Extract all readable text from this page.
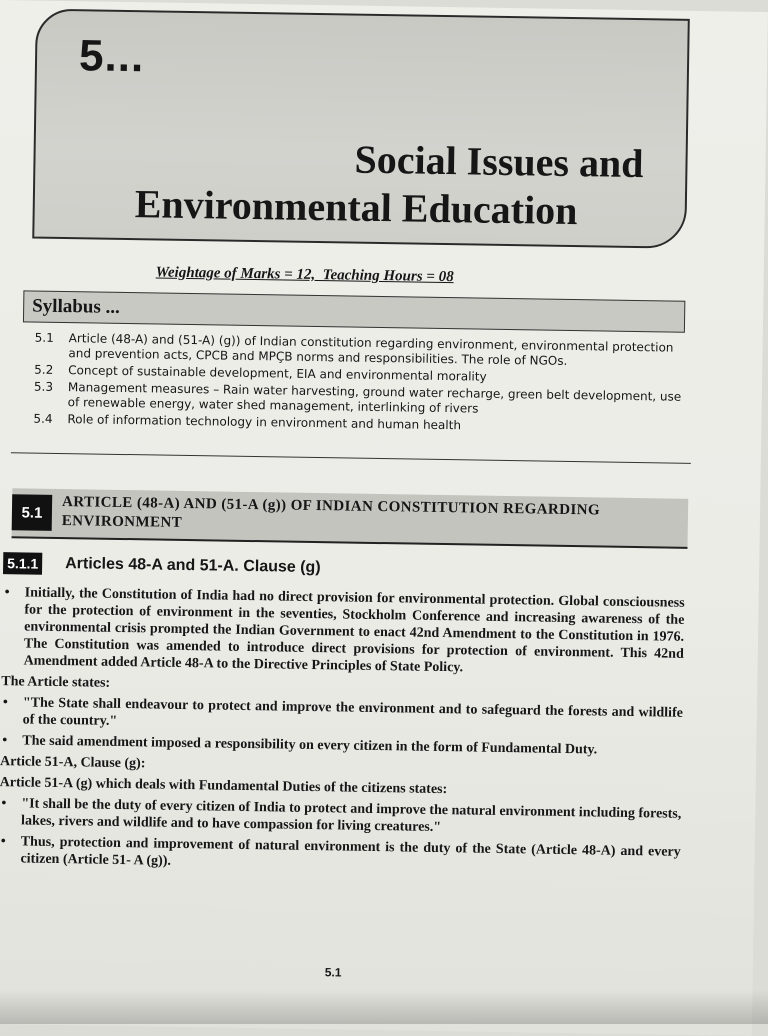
5...
Social Issues and
Environmental Education
Weightage of Marks = 12,  Teaching Hours = 08
Syllabus ...
5.1	Article (48-A) and (51-A) (g)) of Indian constitution regarding environment, environmental protection and prevention acts, CPCB and MPÇB norms and responsibilities. The role of NGOs.
5.2	Concept of sustainable development, EIA and environmental morality
5.3	Management measures – Rain water harvesting, ground water recharge, green belt development, use of renewable energy, water shed management, interlinking of rivers
5.4	Role of information technology in environment and human health
5.1	ARTICLE (48-A) AND (51-A (g)) OF INDIAN CONSTITUTION REGARDING ENVIRONMENT
5.1.1 Articles 48-A and 51-A. Clause (g)
• Initially, the Constitution of India had no direct provision for environmental protection. Global consciousness for the protection of environment in the seventies, Stockholm Conference and increasing awareness of the environmental crisis prompted the Indian Government to enact 42nd Amendment to the Constitution in 1976. The Constitution was amended to introduce direct provisions for protection of environment. This 42nd Amendment added Article 48-A to the Directive Principles of State Policy.
The Article states:
• "The State shall endeavour to protect and improve the environment and to safeguard the forests and wildlife of the country."
• The said amendment imposed a responsibility on every citizen in the form of Fundamental Duty.
Article 51-A, Clause (g):
Article 51-A (g) which deals with Fundamental Duties of the citizens states:
• "It shall be the duty of every citizen of India to protect and improve the natural environment including forests, lakes, rivers and wildlife and to have compassion for living creatures."
• Thus, protection and improvement of natural environment is the duty of the State (Article 48-A) and every citizen (Article 51- A (g)).
5.1
